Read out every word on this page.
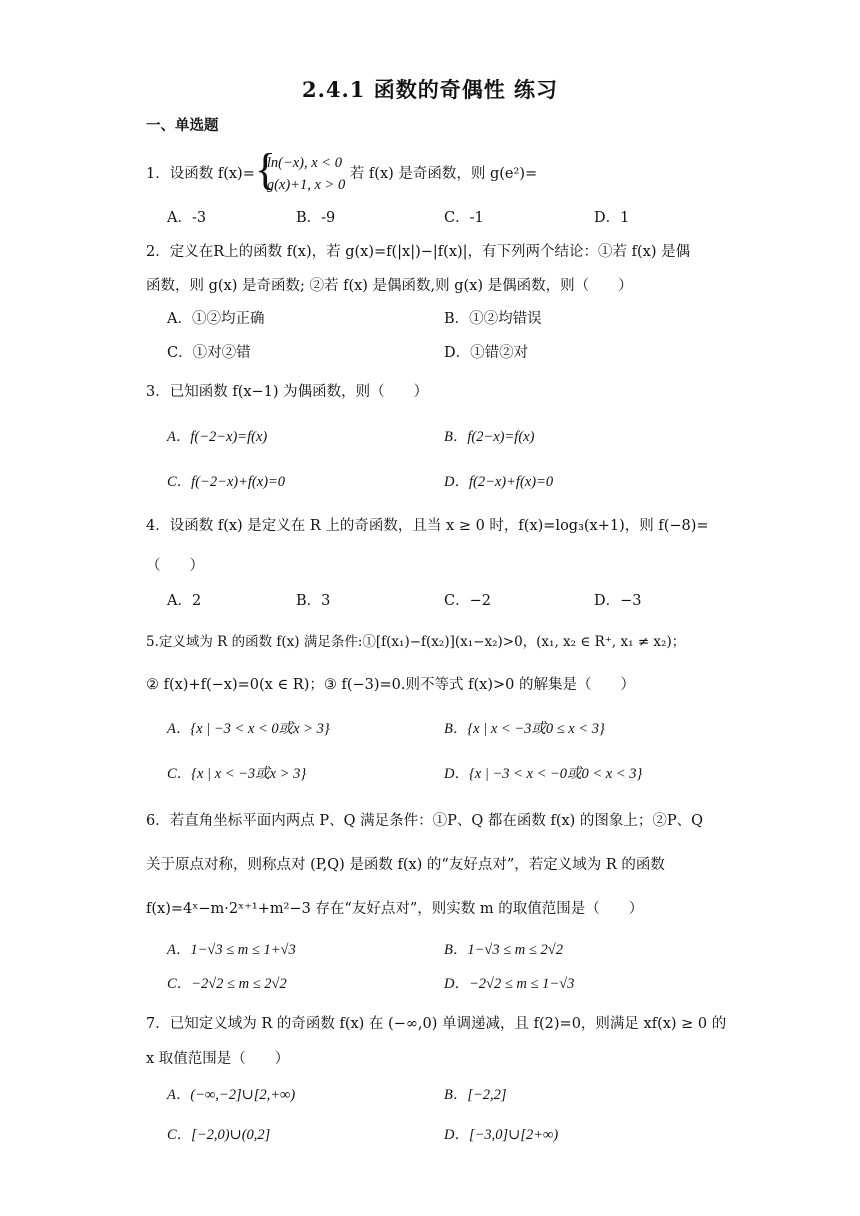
2.4.1 函数的奇偶性 练习
一、单选题
1．设函数 f(x)= {
ln(−x), x < 0
g(x)+1, x > 0
若 f(x) 是奇函数，则 g(e²)=
A．-3	B．-9	C．-1	D．1
2．定义在R上的函数 f(x)，若 g(x)=f(|x|)−|f(x)|，有下列两个结论：①若 f(x) 是偶
函数，则 g(x) 是奇函数; ②若 f(x) 是偶函数,则 g(x) 是偶函数，则（　　）
A．①②均正确	B．①②均错误
C．①对②错	D．①错②对
3．已知函数 f(x−1) 为偶函数，则（　　）
A．f(−2−x)=f(x)	B．f(2−x)=f(x)
C．f(−2−x)+f(x)=0	D．f(2−x)+f(x)=0
4．设函数 f(x) 是定义在 R 上的奇函数，且当 x ≥ 0 时，f(x)=log₃(x+1)，则 f(−8)=
（　　）
A．2	B．3	C．−2	D．−3
5.定义域为 R 的函数 f(x) 满足条件:①[f(x₁)−f(x₂)](x₁−x₂)>0，(x₁, x₂ ∈ R⁺, x₁ ≠ x₂)；
② f(x)+f(−x)=0(x ∈ R)；③ f(−3)=0.则不等式 f(x)>0 的解集是（　　）
A．{x | −3 < x < 0或x > 3}	B．{x | x < −3或0 ≤ x < 3}
C．{x | x < −3或x > 3}	D．{x | −3 < x < −0或0 < x < 3}
6．若直角坐标平面内两点 P、Q 满足条件：①P、Q 都在函数 f(x) 的图象上；②P、Q
关于原点对称，则称点对 (P,Q) 是函数 f(x) 的“友好点对”，若定义域为 R 的函数
f(x)=4ˣ−m·2ˣ⁺¹+m²−3 存在“友好点对”，则实数 m 的取值范围是（　　）
A．1−√3 ≤ m ≤ 1+√3	B．1−√3 ≤ m ≤ 2√2
C．−2√2 ≤ m ≤ 2√2	D．−2√2 ≤ m ≤ 1−√3
7．已知定义域为 R 的奇函数 f(x) 在 (−∞,0) 单调递减，且 f(2)=0，则满足 xf(x) ≥ 0 的
x 取值范围是（　　）
A．(−∞,−2]∪[2,+∞)	B．[−2,2]
C．[−2,0)∪(0,2]	D．[−3,0]∪[2+∞)
